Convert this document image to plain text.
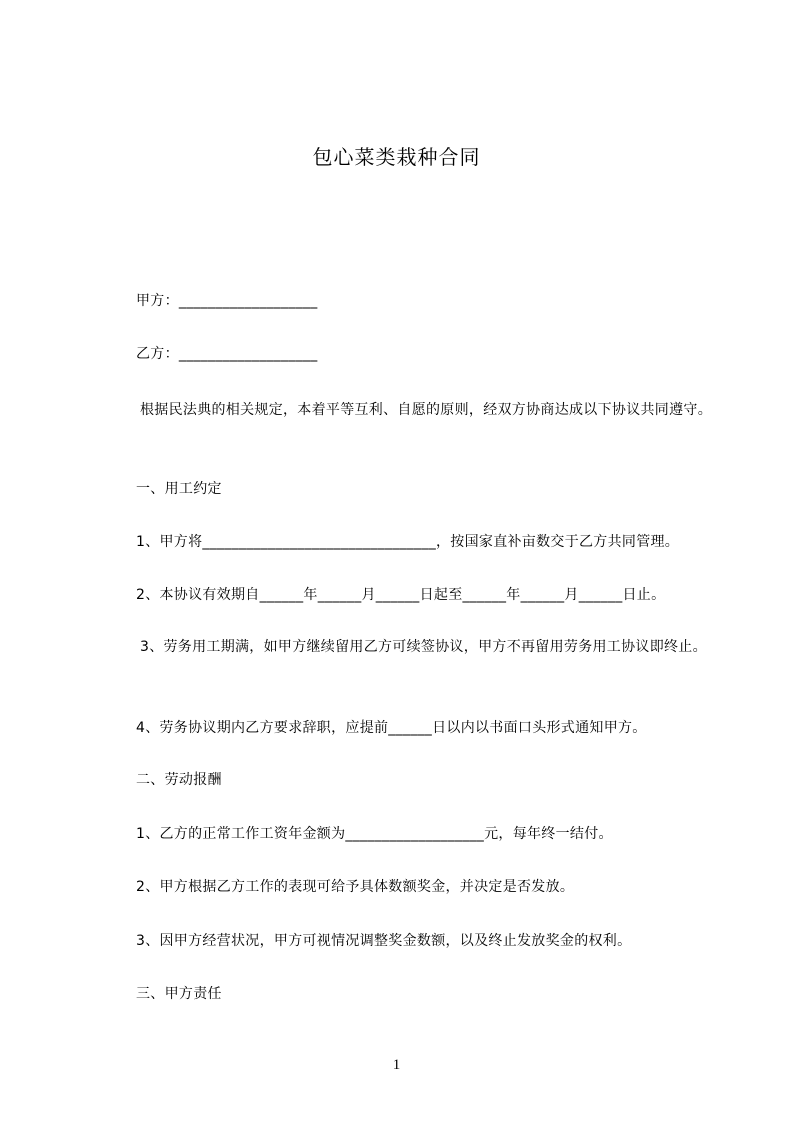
包心菜类栽种合同
甲方：___________________
乙方：___________________
根据民法典的相关规定，本着平等互利、自愿的原则，经双方协商达成以下协议共同遵守。
一、用工约定
1、甲方将________________________________，按国家直补亩数交于乙方共同管理。
2、本协议有效期自______年______月______日起至______年______月______日止。
3、劳务用工期满，如甲方继续留用乙方可续签协议，甲方不再留用劳务用工协议即终止。
4、劳务协议期内乙方要求辞职，应提前______日以内以书面口头形式通知甲方。
二、劳动报酬
1、乙方的正常工作工资年金额为___________________元，每年终一结付。
2、甲方根据乙方工作的表现可给予具体数额奖金，并决定是否发放。
3、因甲方经营状况，甲方可视情况调整奖金数额，以及终止发放奖金的权利。
三、甲方责任
1
